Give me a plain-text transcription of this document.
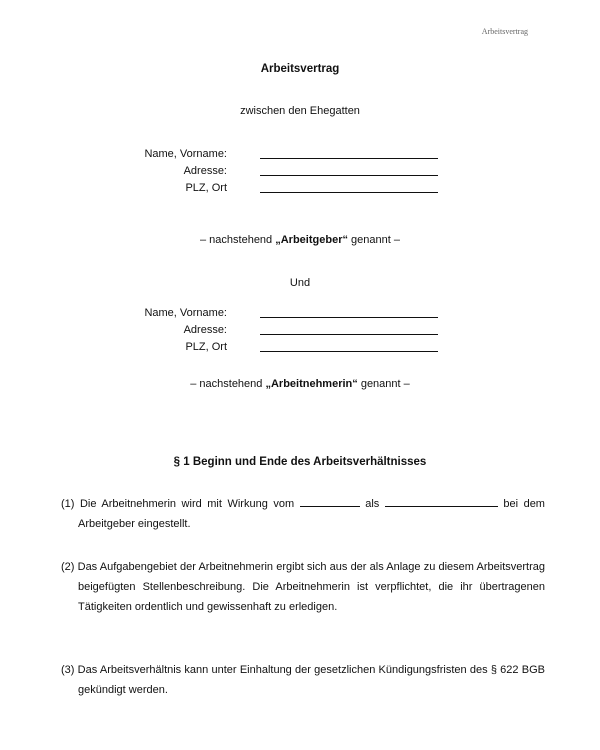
Arbeitsvertrag
Arbeitsvertrag
zwischen den Ehegatten
Name, Vorname:
Adresse:
PLZ, Ort
– nachstehend „Arbeitgeber“ genannt –
Und
Name, Vorname:
Adresse:
PLZ, Ort
– nachstehend „Arbeitnehmerin“ genannt –
§ 1 Beginn und Ende des Arbeitsverhältnisses
(1) Die Arbeitnehmerin wird mit Wirkung vom	als	bei dem Arbeitgeber eingestellt.
(2) Das Aufgabengebiet der Arbeitnehmerin ergibt sich aus der als Anlage zu diesem Arbeitsvertrag beigefügten Stellenbeschreibung. Die Arbeitnehmerin ist verpflichtet, die ihr übertragenen Tätigkeiten ordentlich und gewissenhaft zu erledigen.
(3) Das Arbeitsverhältnis kann unter Einhaltung der gesetzlichen Kündigungsfristen des § 622 BGB gekündigt werden.
